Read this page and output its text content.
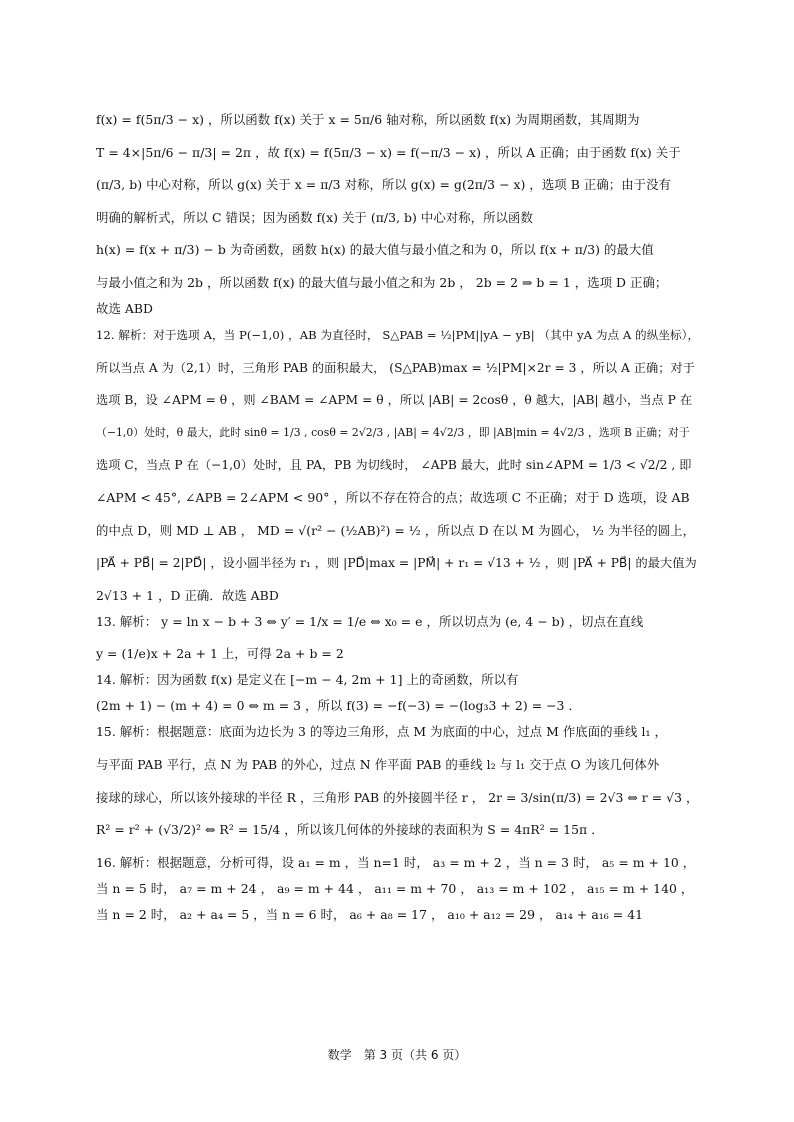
f(x) = f(5π/3 − x) ，所以函数 f(x) 关于 x = 5π/6 轴对称，所以函数 f(x) 为周期函数，其周期为
T = 4×|5π/6 − π/3| = 2π ，故 f(x) = f(5π/3 − x) = f(−π/3 − x) ，所以 A 正确；由于函数 f(x) 关于
(π/3, b) 中心对称，所以 g(x) 关于 x = π/3 对称，所以 g(x) = g(2π/3 − x) ，选项 B 正确；由于没有
明确的解析式，所以 C 错误；因为函数 f(x) 关于 (π/3, b) 中心对称，所以函数
h(x) = f(x + π/3) − b 为奇函数，函数 h(x) 的最大值与最小值之和为 0，所以 f(x + π/3) 的最大值
与最小值之和为 2b ，所以函数 f(x) 的最大值与最小值之和为 2b ， 2b = 2 ⇒ b = 1 ，选项 D 正确；
故选 ABD
12. 解析：对于选项 A，当 P(−1,0) ，AB 为直径时， S△PAB = ½|PM||yA − yB| （其中 yA 为点 A 的纵坐标），
所以当点 A 为（2,1）时，三角形 PAB 的面积最大， (S△PAB)max = ½|PM|×2r = 3 ，所以 A 正确；对于
选项 B，设 ∠APM = θ ，则 ∠BAM = ∠APM = θ ，所以 |AB| = 2cosθ ，θ 越大，|AB| 越小，当点 P 在
（−1,0）处时，θ 最大，此时 sinθ = 1/3 , cosθ = 2√2/3 , |AB| = 4√2/3 ，即 |AB|min = 4√2/3 ，选项 B 正确；对于
选项 C，当点 P 在（−1,0）处时，且 PA，PB 为切线时， ∠APB 最大，此时 sin∠APM = 1/3 < √2/2 , 即
∠APM < 45°, ∠APB = 2∠APM < 90° ，所以不存在符合的点；故选项 C 不正确；对于 D 选项，设 AB
的中点 D，则 MD ⊥ AB ， MD = √(r² − (½AB)²) = ½ ，所以点 D 在以 M 为圆心， ½ 为半径的圆上，
|PA⃗ + PB⃗| = 2|PD⃗| ，设小圆半径为 r₁ ，则 |PD⃗|max = |PM⃗| + r₁ = √13 + ½ ，则 |PA⃗ + PB⃗| 的最大值为
2√13 + 1 ，D 正确．故选 ABD
13. 解析： y = ln x − b + 3 ⇔ y′ = 1/x = 1/e ⇔ x₀ = e ，所以切点为 (e, 4 − b) ，切点在直线
y = (1/e)x + 2a + 1 上，可得 2a + b = 2
14. 解析：因为函数 f(x) 是定义在 [−m − 4, 2m + 1] 上的奇函数，所以有
(2m + 1) − (m + 4) = 0 ⇔ m = 3 ，所以 f(3) = −f(−3) = −(log₃3 + 2) = −3 ．
15. 解析：根据题意：底面为边长为 3 的等边三角形，点 M 为底面的中心，过点 M 作底面的垂线 l₁ ，
与平面 PAB 平行，点 N 为 PAB 的外心，过点 N 作平面 PAB 的垂线 l₂ 与 l₁ 交于点 O 为该几何体外
接球的球心，所以该外接球的半径 R ，三角形 PAB 的外接圆半径 r ， 2r = 3/sin(π/3) = 2√3 ⇔ r = √3 ，
R² = r² + (√3/2)² ⇔ R² = 15/4 ，所以该几何体的外接球的表面积为 S = 4πR² = 15π ．
16. 解析：根据题意，分析可得，设 a₁ = m ，当 n=1 时， a₃ = m + 2 ，当 n = 3 时， a₅ = m + 10 ，
当 n = 5 时， a₇ = m + 24 ， a₉ = m + 44 ， a₁₁ = m + 70 ， a₁₃ = m + 102 ， a₁₅ = m + 140 ，
当 n = 2 时， a₂ + a₄ = 5 ，当 n = 6 时， a₆ + a₈ = 17 ， a₁₀ + a₁₂ = 29 ， a₁₄ + a₁₆ = 41
数学　第 3 页（共 6 页）
